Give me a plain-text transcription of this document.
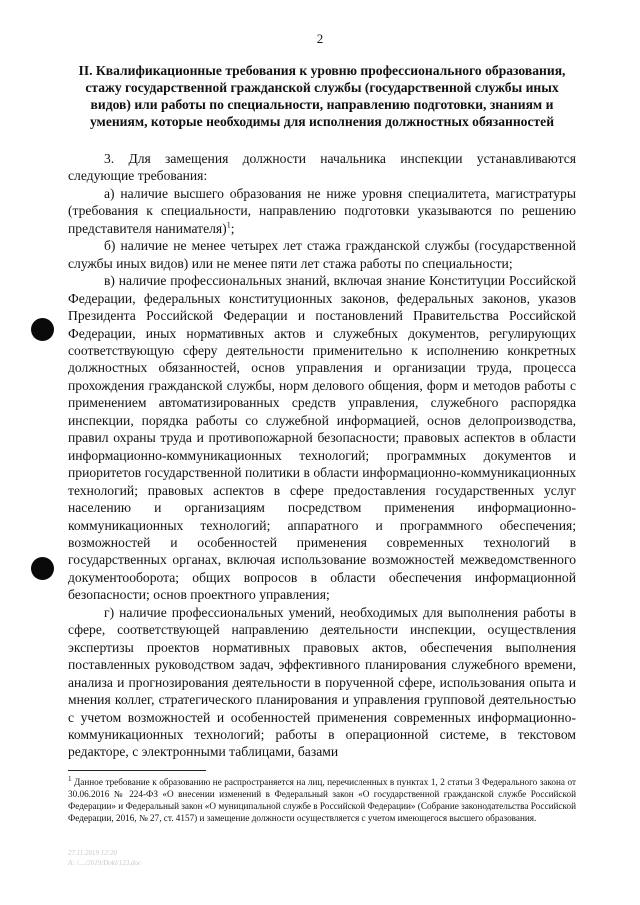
2
II. Квалификационные требования к уровню профессионального образования, стажу государственной гражданской службы (государственной службы иных видов) или работы по специальности, направлению подготовки, знаниям и умениям, которые необходимы для исполнения должностных обязанностей

3. Для замещения должности начальника инспекции устанавливаются следующие требования:

а) наличие высшего образования не ниже уровня специалитета, магистратуры (требования к специальности, направлению подготовки указываются по решению представителя нанимателя)$^1$;

б) наличие не менее четырех лет стажа гражданской службы (государственной службы иных видов) или не менее пяти лет стажа работы по специальности;

в) наличие профессиональных знаний, включая знание Конституции Российской Федерации, федеральных конституционных законов, федеральных законов, указов Президента Российской Федерации и постановлений Правительства Российской Федерации, иных нормативных актов и служебных документов, регулирующих соответствующую сферу деятельности применительно к исполнению конкретных должностных обязанностей, основ управления и организации труда, процесса прохождения гражданской службы, норм делового общения, форм и методов работы с применением автоматизированных средств управления, служебного распорядка инспекции, порядка работы со служебной информацией, основ делопроизводства, правил охраны труда и противопожарной безопасности; правовых аспектов в области информационно-коммуникационных технологий; программных документов и приоритетов государственной политики в области информационно-коммуникационных технологий; правовых аспектов в сфере предоставления государственных услуг населению и организациям посредством применения информационно-коммуникационных технологий; аппаратного и программного обеспечения; возможностей и особенностей применения современных технологий в государственных органах, включая использование возможностей межведомственного документооборота; общих вопросов в области обеспечения информационной безопасности; основ проектного управления;

г) наличие профессиональных умений, необходимых для выполнения работы в сфере, соответствующей направлению деятельности инспекции, осуществления экспертизы проектов нормативных правовых актов, обеспечения выполнения поставленных руководством задач, эффективного планирования служебного времени, анализа и прогнозирования деятельности в порученной сфере, использования опыта и мнения коллег, стратегического планирования и управления групповой деятельностью с учетом возможностей и особенностей применения современных информационно-коммуникационных технологий; работы в операционной системе, в текстовом редакторе, с электронными таблицами, базами

$^1$ Данное требование к образованию не распространяется на лиц, перечисленных в пунктах 1, 2 статьи 3 Федерального закона от 30.06.2016 № 224-ФЗ «О внесении изменений в Федеральный закон «О государственной гражданской службе Российской Федерации» и Федеральный закон «О муниципальной службе в Российской Федерации» (Собрание законодательства Российской Федерации, 2016, № 27, ст. 4157) и замещение должности осуществляется с учетом имеющегося высшего образования.

27.11.2019 12:20
А: /..../2019/Dokl/123.doc
